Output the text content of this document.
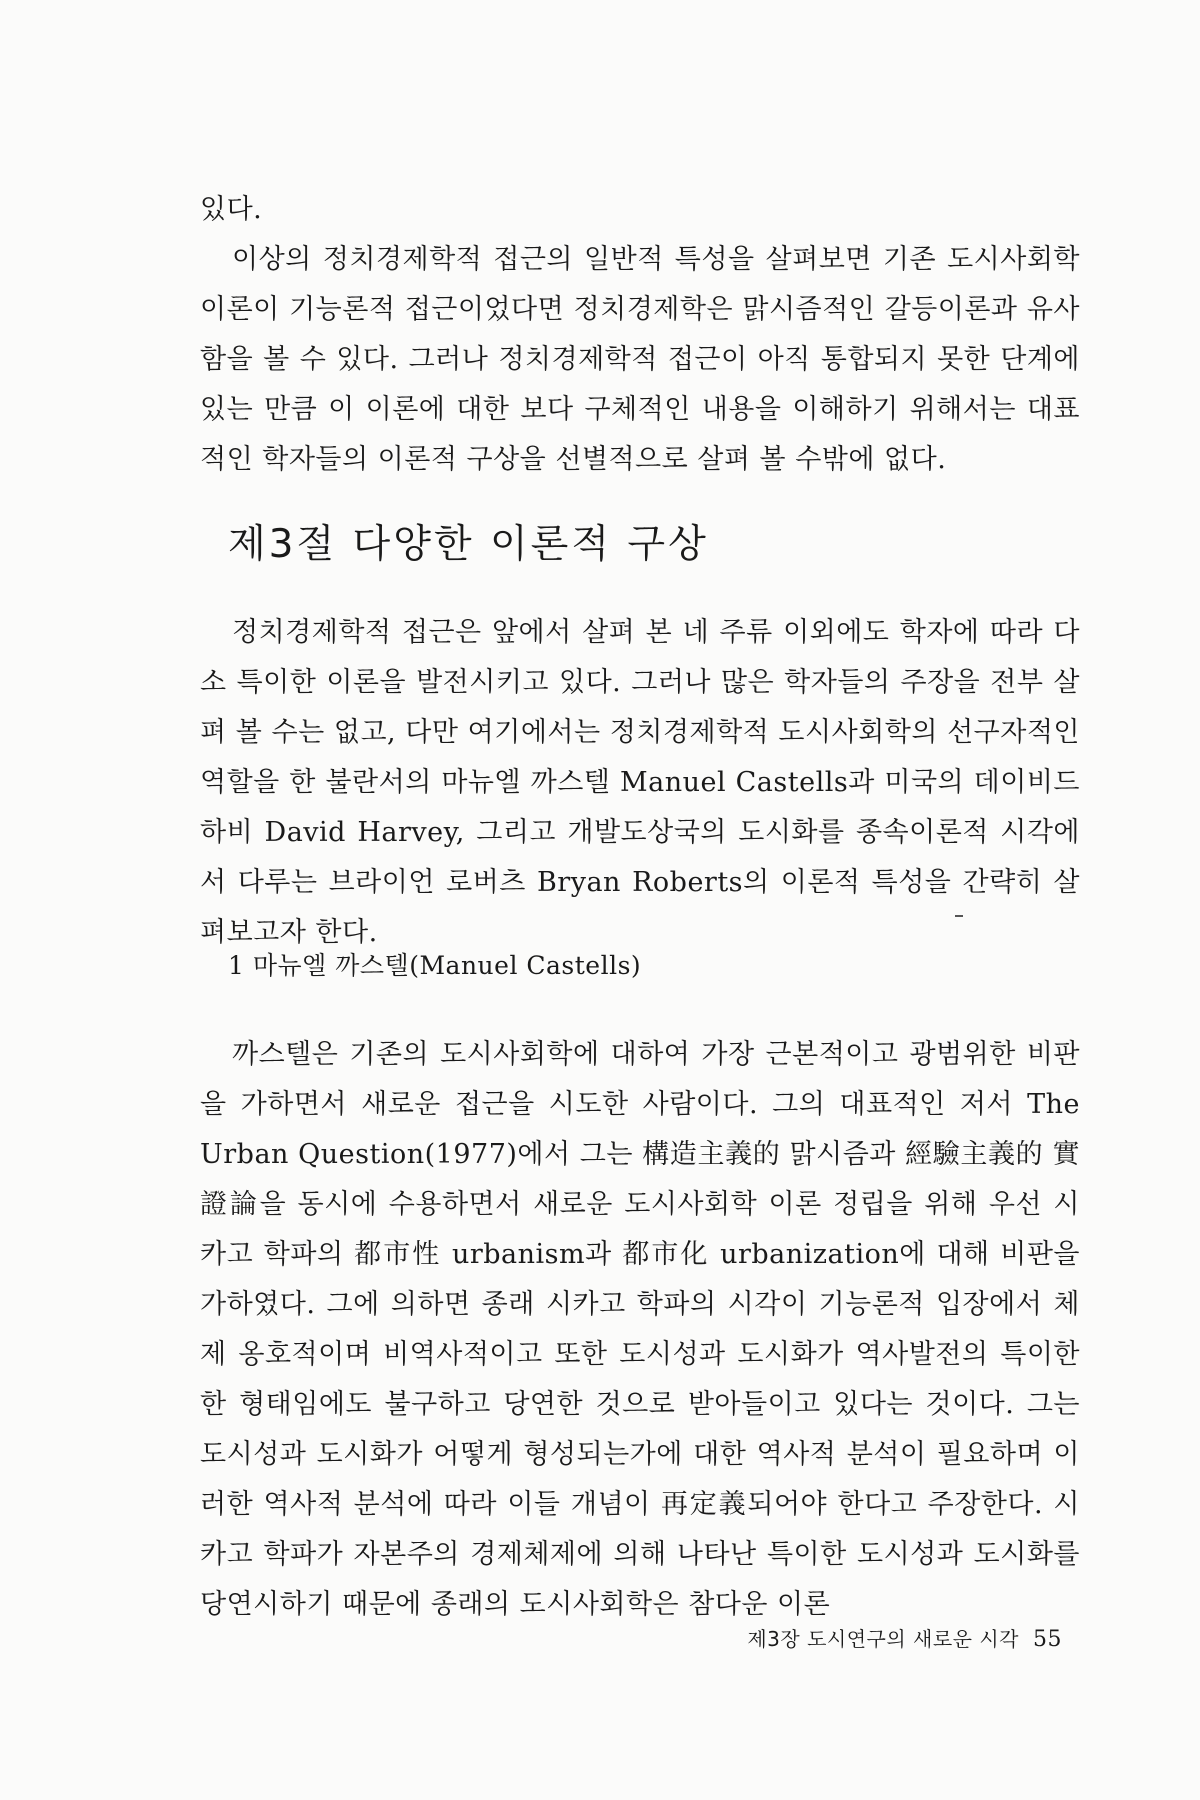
있다.

이상의 정치경제학적 접근의 일반적 특성을 살펴보면 기존 도시사회학 이론이 기능론적 접근이었다면 정치경제학은 맑시즘적인 갈등이론과 유사함을 볼 수 있다. 그러나 정치경제학적 접근이 아직 통합되지 못한 단계에 있는 만큼 이 이론에 대한 보다 구체적인 내용을 이해하기 위해서는 대표적인 학자들의 이론적 구상을 선별적으로 살펴 볼 수밖에 없다.

제3절 다양한 이론적 구상

정치경제학적 접근은 앞에서 살펴 본 네 주류 이외에도 학자에 따라 다소 특이한 이론을 발전시키고 있다. 그러나 많은 학자들의 주장을 전부 살펴 볼 수는 없고, 다만 여기에서는 정치경제학적 도시사회학의 선구자적인 역할을 한 불란서의 마뉴엘 까스텔 Manuel Castells과 미국의 데이비드 하비 David Harvey, 그리고 개발도상국의 도시화를 종속이론적 시각에서 다루는 브라이언 로버츠 Bryan Roberts의 이론적 특성을 간략히 살펴보고자 한다.

1 마뉴엘 까스텔(Manuel Castells)

까스텔은 기존의 도시사회학에 대하여 가장 근본적이고 광범위한 비판을 가하면서 새로운 접근을 시도한 사람이다. 그의 대표적인 저서 The Urban Question(1977)에서 그는 構造主義的 맑시즘과 經驗主義的 實證論을 동시에 수용하면서 새로운 도시사회학 이론 정립을 위해 우선 시카고 학파의 都市性 urbanism과 都市化 urbanization에 대해 비판을 가하였다. 그에 의하면 종래 시카고 학파의 시각이 기능론적 입장에서 체제 옹호적이며 비역사적이고 또한 도시성과 도시화가 역사발전의 특이한 한 형태임에도 불구하고 당연한 것으로 받아들이고 있다는 것이다. 그는 도시성과 도시화가 어떻게 형성되는가에 대한 역사적 분석이 필요하며 이러한 역사적 분석에 따라 이들 개념이 再定義되어야 한다고 주장한다. 시카고 학파가 자본주의 경제체제에 의해 나타난 특이한 도시성과 도시화를 당연시하기 때문에 종래의 도시사회학은 참다운 이론

제3장 도시연구의 새로운 시각 55
